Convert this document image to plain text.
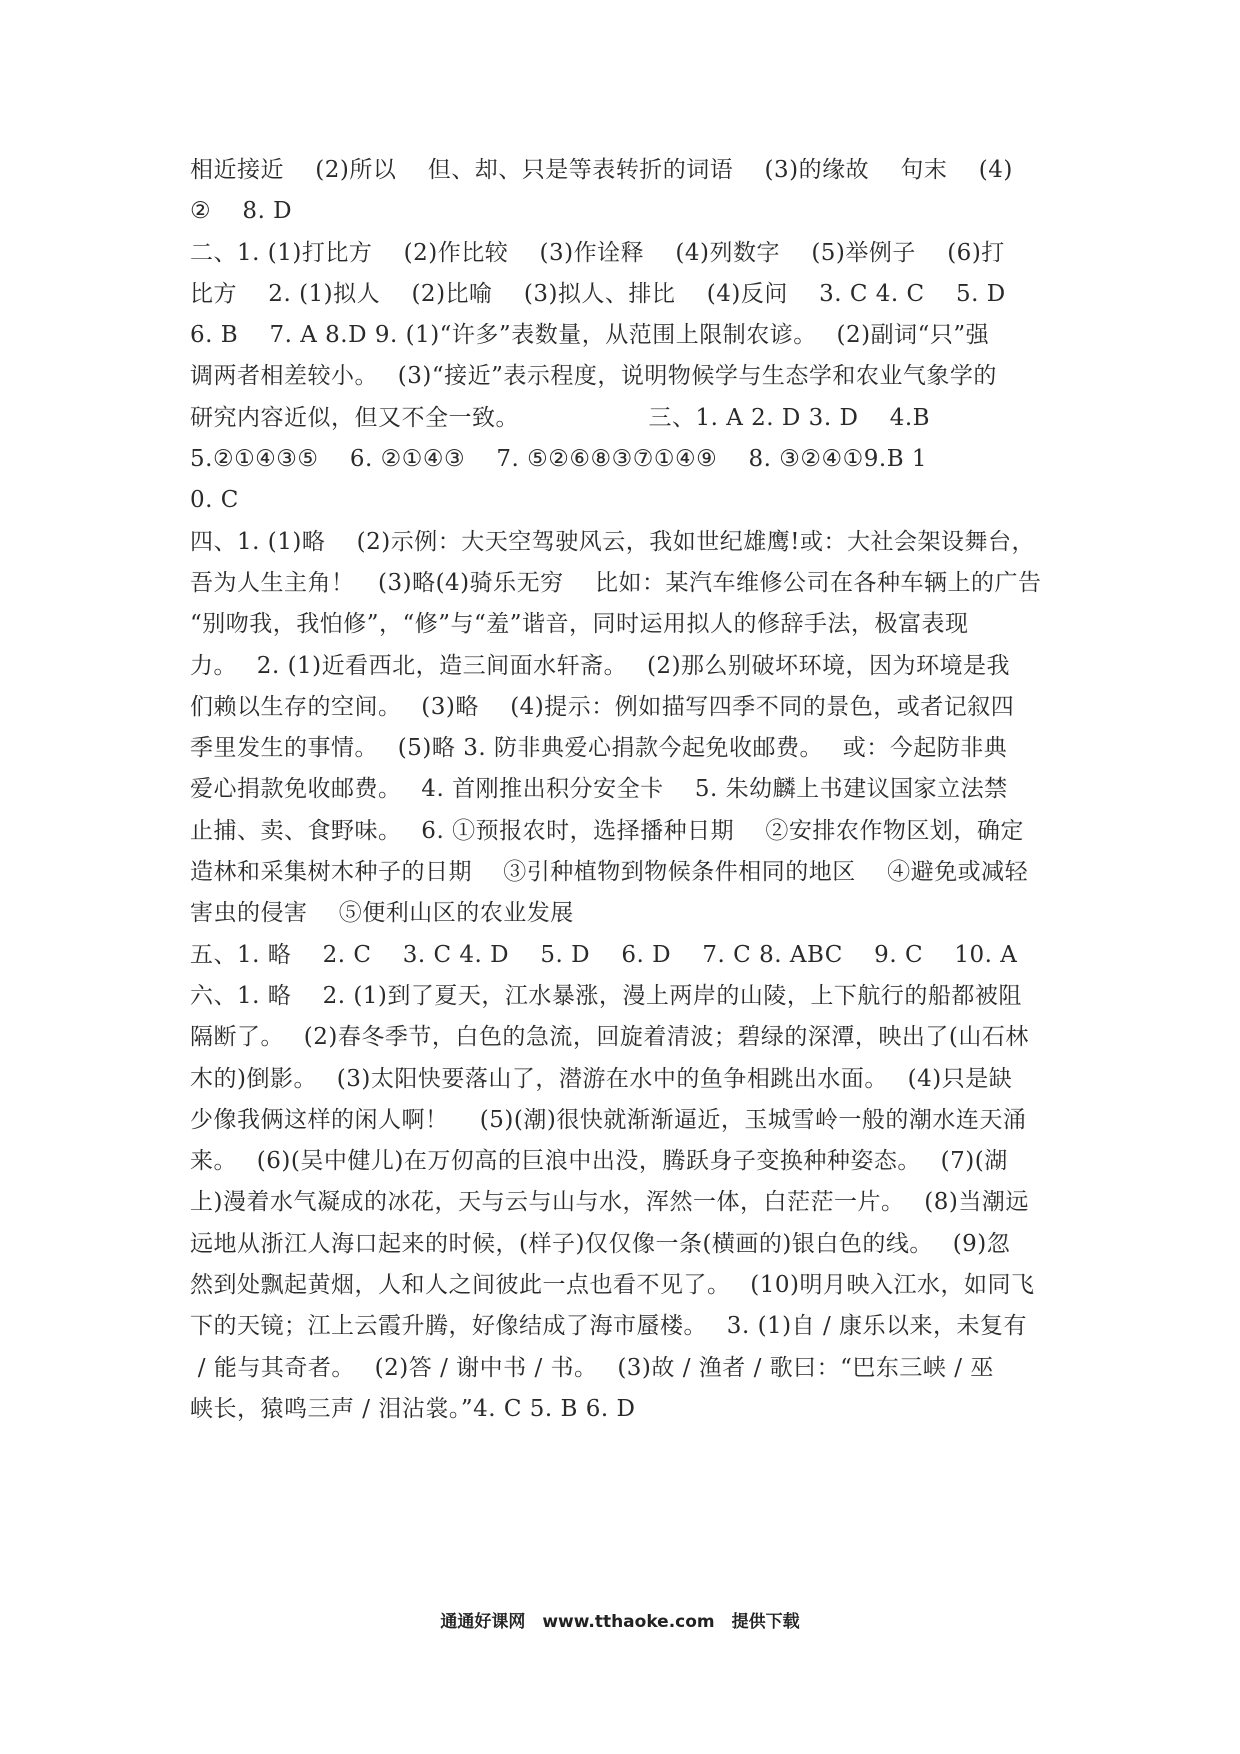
相近接近　 (2)所以　 但、却、只是等表转折的词语　 (3)的缘故　 句末　 (4)
②　 8. D
二、1. (1)打比方　 (2)作比较　 (3)作诠释　 (4)列数字　 (5)举例子　 (6)打
比方　 2. (1)拟人　 (2)比喻　 (3)拟人、排比　 (4)反问　 3. C 4. C　 5. D
6. B　 7. A 8.D 9. (1)“许多”表数量，从范围上限制农谚。　 (2)副词“只”强
调两者相差较小。　 (3)“接近”表示程度，说明物候学与生态学和农业气象学的
研究内容近似，但又不全一致。　　　　　　三、1. A 2. D 3. D　 4.B
5.②①④③⑤　 6. ②①④③　 7. ⑤②⑥⑧③⑦①④⑨　 8. ③②④①9.B 1
0. C
四、1. (1)略　 (2)示例：大天空驾驶风云，我如世纪雄鹰!或：大社会架设舞台，
吾为人生主角！　(3)略(4)骑乐无穷　 比如：某汽车维修公司在各种车辆上的广告
“别吻我，我怕修”，“修”与“羞”谐音，同时运用拟人的修辞手法，极富表现
力。　 2. (1)近看西北，造三间面水轩斋。　 (2)那么别破坏环境，因为环境是我
们赖以生存的空间。　 (3)略　 (4)提示：例如描写四季不同的景色，或者记叙四
季里发生的事情。　 (5)略 3. 防非典爱心捐款今起免收邮费。　 或：今起防非典
爱心捐款免收邮费。　 4. 首刚推出积分安全卡　 5. 朱幼麟上书建议国家立法禁
止捕、卖、食野味。　 6. ①预报农时，选择播种日期　 ②安排农作物区划，确定
造林和采集树木种子的日期　 ③引种植物到物候条件相同的地区　 ④避免或减轻
害虫的侵害　 ⑤便利山区的农业发展
五、1. 略　 2. C　 3. C 4. D　 5. D　 6. D　 7. C 8. ABC　 9. C　 10. A
六、1. 略　 2. (1)到了夏天，江水暴涨，漫上两岸的山陵，上下航行的船都被阻
隔断了。　 (2)春冬季节，白色的急流，回旋着清波；碧绿的深潭，映出了(山石林
木的)倒影。　 (3)太阳快要落山了，潜游在水中的鱼争相跳出水面。　 (4)只是缺
少像我俩这样的闲人啊！　 (5)(潮)很快就渐渐逼近，玉城雪岭一般的潮水连天涌
来。　 (6)(吴中健儿)在万仞高的巨浪中出没，腾跃身子变换种种姿态。　 (7)(湖
上)漫着水气凝成的冰花，天与云与山与水，浑然一体，白茫茫一片。　 (8)当潮远
远地从浙江人海口起来的时候，(样子)仅仅像一条(横画的)银白色的线。　 (9)忽
然到处飘起黄烟，人和人之间彼此一点也看不见了。　 (10)明月映入江水，如同飞
下的天镜；江上云霞升腾，好像结成了海市蜃楼。　 3. (1)自 / 康乐以来，未复有
/ 能与其奇者。　 (2)答 / 谢中书 / 书。　 (3)故 / 渔者 / 歌曰：“巴东三峡 / 巫
峡长，猿鸣三声 / 泪沾裳。”4. C 5. B 6. D
通通好课网　www.tthaoke.com　提供下载
